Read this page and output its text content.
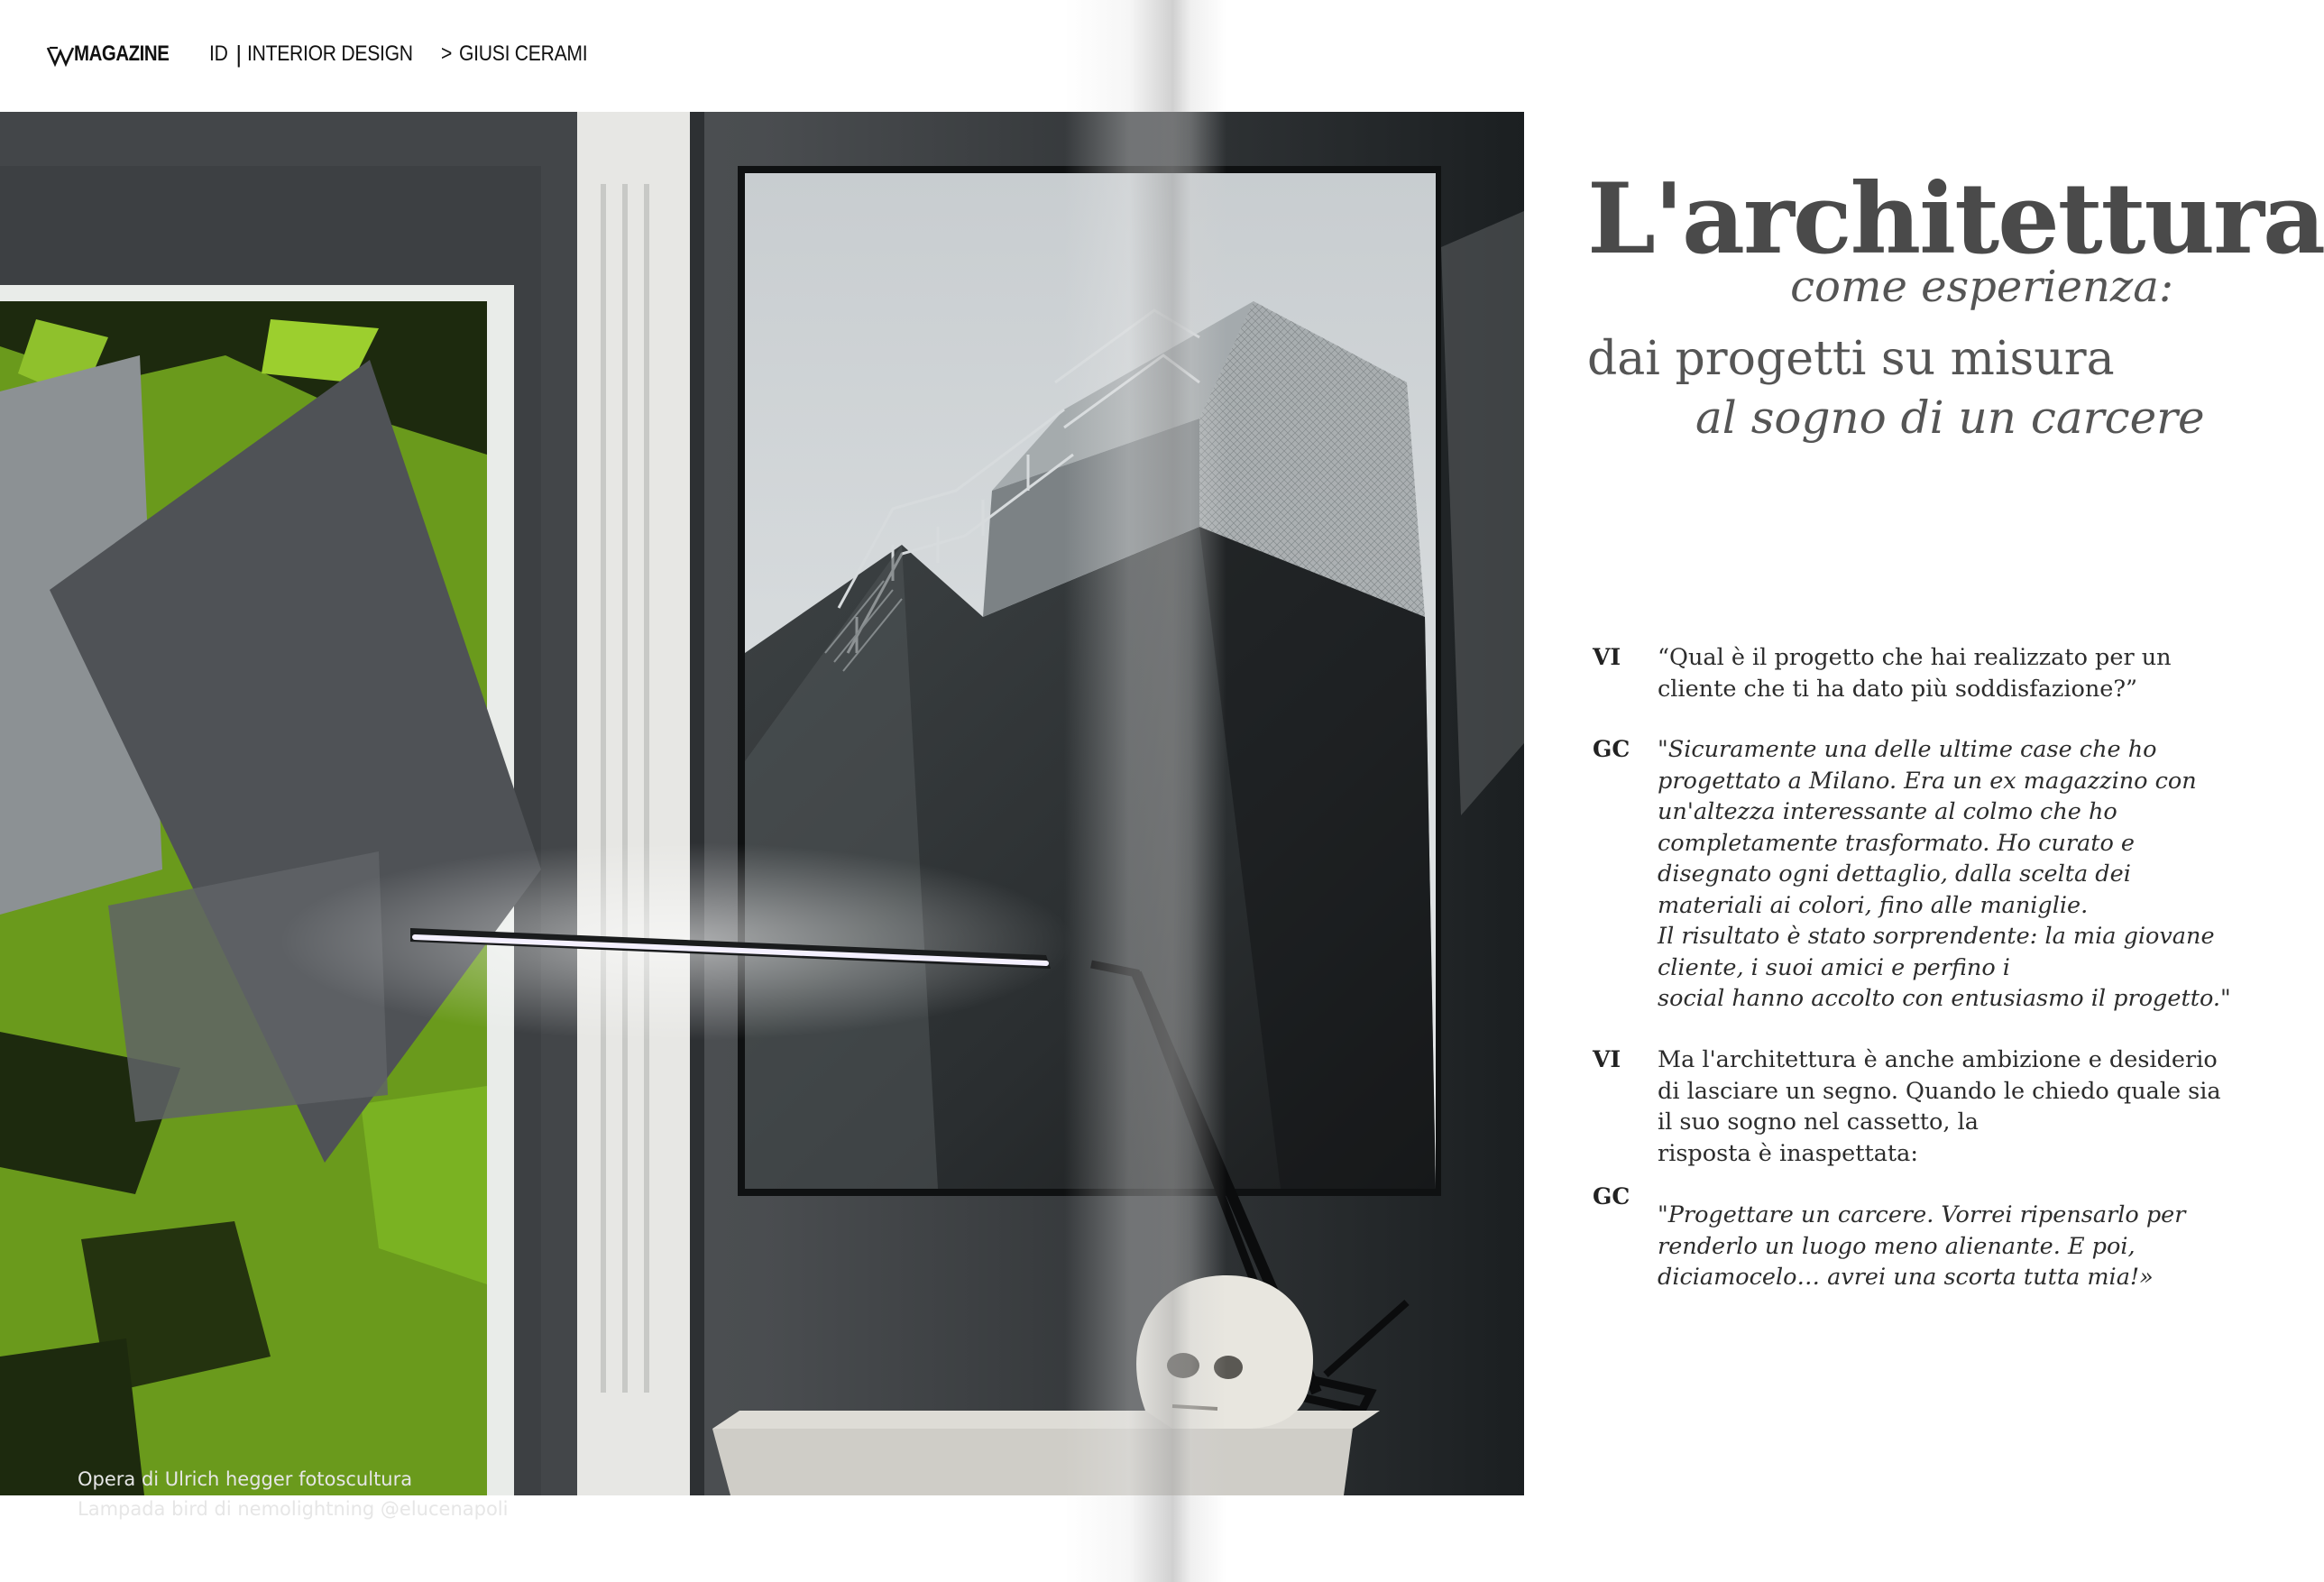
MAGAZINE ID | INTERIOR DESIGN > GIUSI CERAMI
Opera di Ulrich hegger fotoscultura
Lampada bird di nemolightning @elucenapoli
L'architettura
come esperienza:
dai progetti su misura
al sogno di un carcere
VI “Qual è il progetto che hai realizzato per un
cliente che ti ha dato più soddisfazione?”

GC "Sicuramente una delle ultime case che ho
progettato a Milano. Era un ex magazzino con
un'altezza interessante al colmo che ho
completamente trasformato. Ho curato e
disegnato ogni dettaglio, dalla scelta dei
materiali ai colori, fino alle maniglie.
Il risultato è stato sorprendente: la mia giovane
cliente, i suoi amici e perfino i
social hanno accolto con entusiasmo il progetto."

VI Ma l'architettura è anche ambizione e desiderio
di lasciare un segno. Quando le chiedo quale sia
il suo sogno nel cassetto, la
risposta è inaspettata:

GC

"Progettare un carcere. Vorrei ripensarlo per
renderlo un luogo meno alienante. E poi,
diciamocelo… avrei una scorta tutta mia!»
